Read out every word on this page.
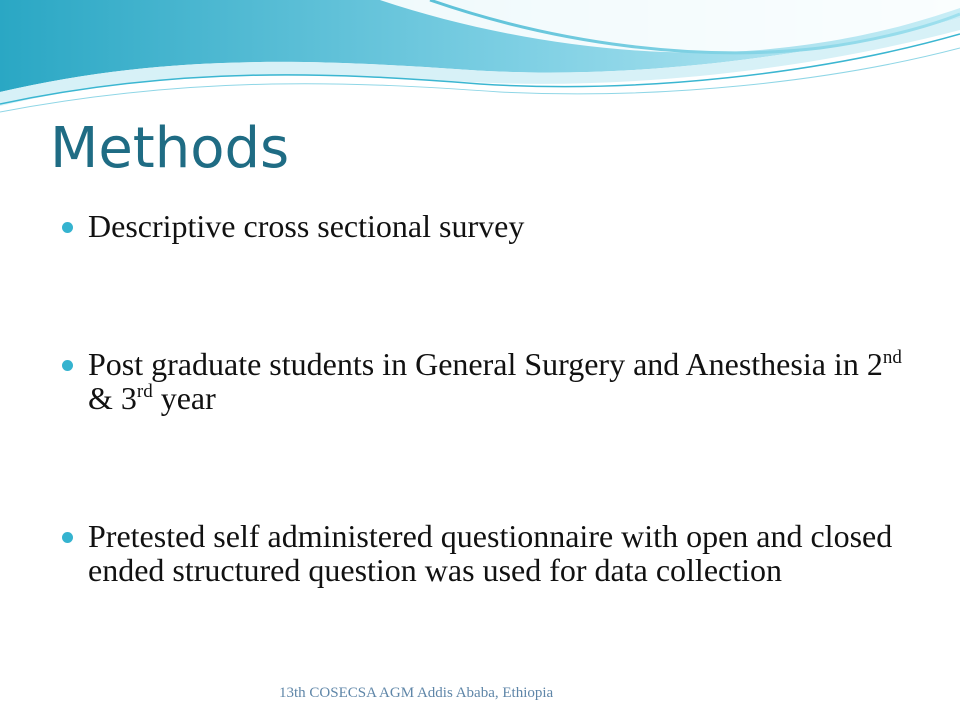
Methods
Descriptive cross sectional survey
Post graduate students in General Surgery and Anesthesia in 2nd & 3rd year
Pretested self administered questionnaire with open and closed ended structured question was used for data collection
13th COSECSA AGM Addis Ababa, Ethiopia
